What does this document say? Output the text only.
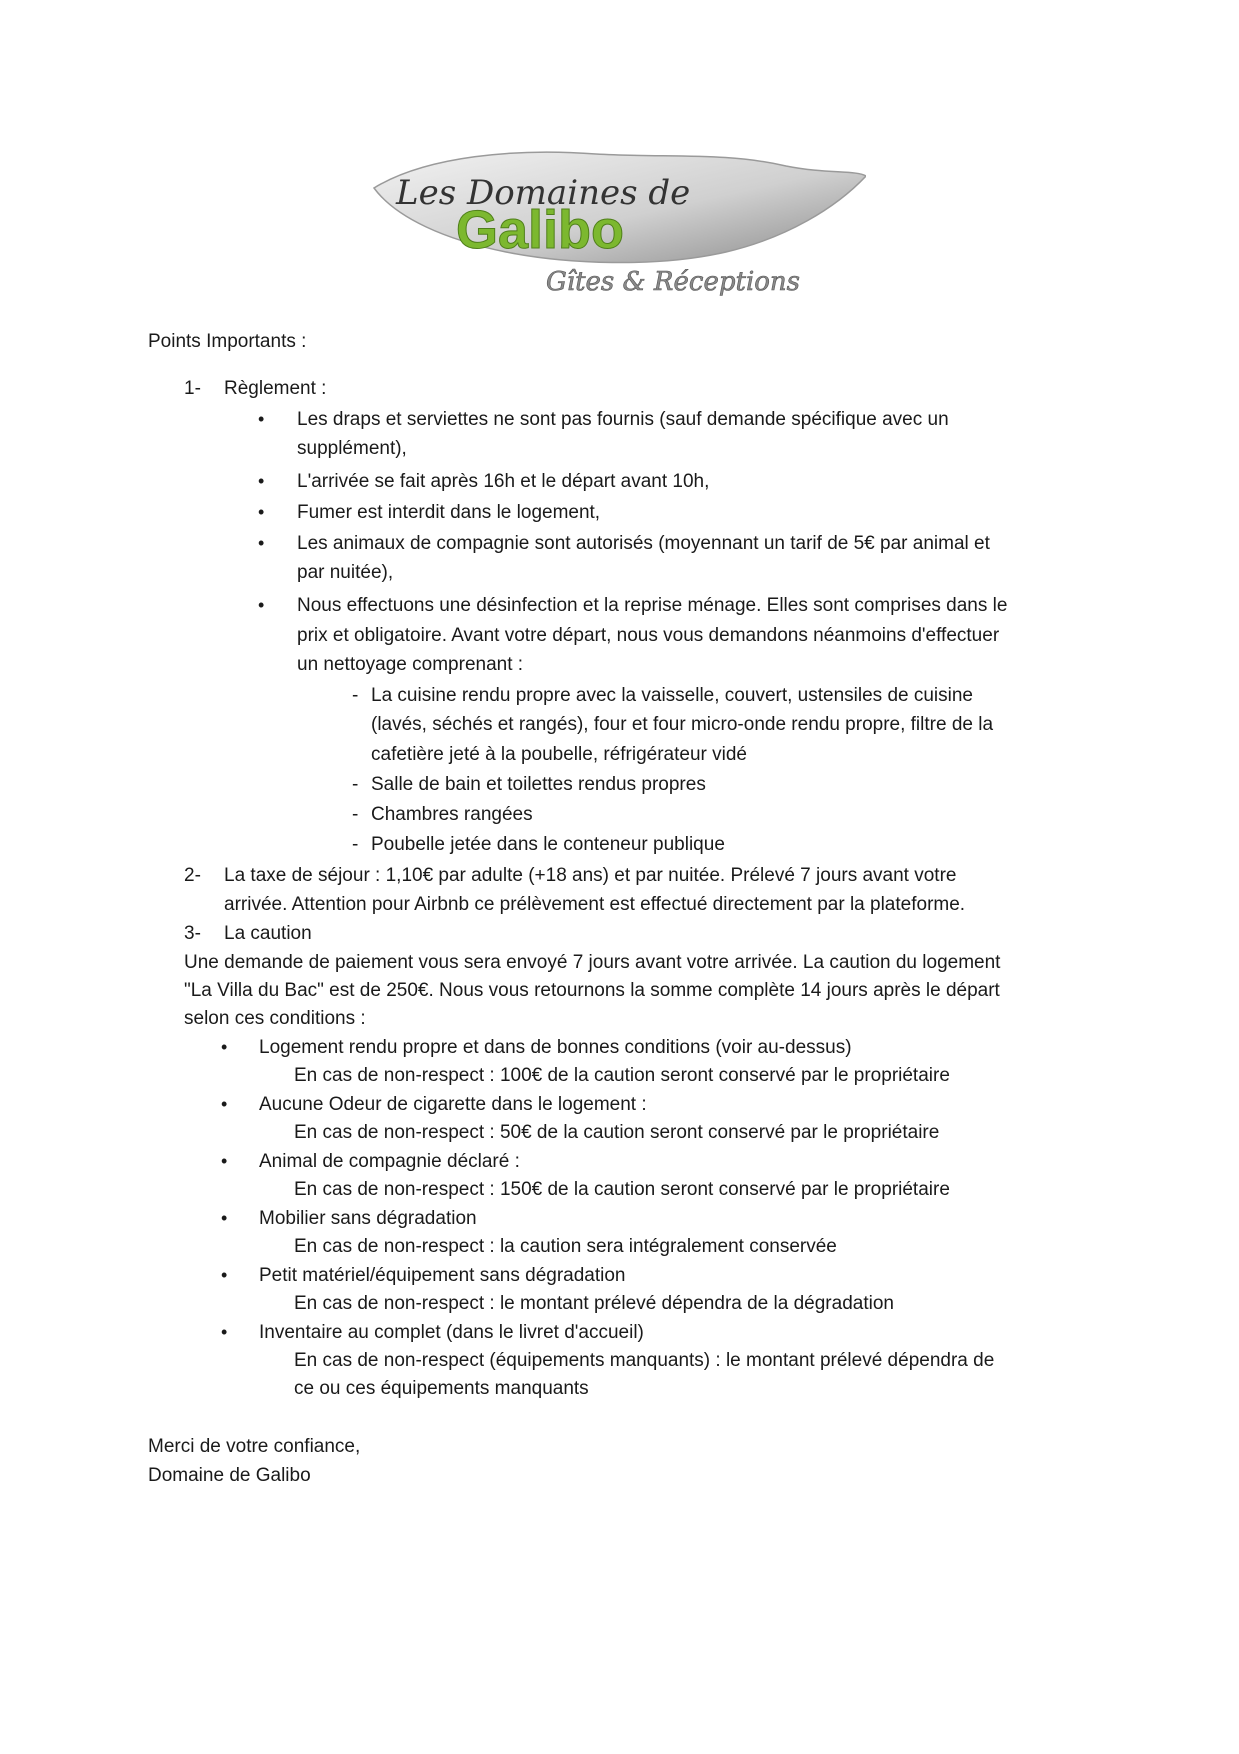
Les Domaines de
Galibo
Gîtes & Réceptions
Points Importants :
1- Règlement :
• Les draps et serviettes ne sont pas fournis (sauf demande spécifique avec un
supplément),
• L'arrivée se fait après 16h et le départ avant 10h,
• Fumer est interdit dans le logement,
• Les animaux de compagnie sont autorisés (moyennant un tarif de 5€ par animal et
par nuitée),
• Nous effectuons une désinfection et la reprise ménage. Elles sont comprises dans le
prix et obligatoire. Avant votre départ, nous vous demandons néanmoins d'effectuer
un nettoyage comprenant :
- La cuisine rendu propre avec la vaisselle, couvert, ustensiles de cuisine
(lavés, séchés et rangés), four et four micro-onde rendu propre, filtre de la
cafetière jeté à la poubelle, réfrigérateur vidé
- Salle de bain et toilettes rendus propres
- Chambres rangées
- Poubelle jetée dans le conteneur publique
2- La taxe de séjour : 1,10€ par adulte (+18 ans) et par nuitée. Prélevé 7 jours avant votre
arrivée. Attention pour Airbnb ce prélèvement est effectué directement par la plateforme.
3- La caution
Une demande de paiement vous sera envoyé 7 jours avant votre arrivée. La caution du logement
"La Villa du Bac" est de 250€. Nous vous retournons la somme complète 14 jours après le départ
selon ces conditions :
• Logement rendu propre et dans de bonnes conditions (voir au-dessus)
En cas de non-respect : 100€ de la caution seront conservé par le propriétaire
• Aucune Odeur de cigarette dans le logement :
En cas de non-respect : 50€ de la caution seront conservé par le propriétaire
• Animal de compagnie déclaré :
En cas de non-respect : 150€ de la caution seront conservé par le propriétaire
• Mobilier sans dégradation
En cas de non-respect : la caution sera intégralement conservée
• Petit matériel/équipement sans dégradation
En cas de non-respect : le montant prélevé dépendra de la dégradation
• Inventaire au complet (dans le livret d'accueil)
En cas de non-respect (équipements manquants) : le montant prélevé dépendra de
ce ou ces équipements manquants
Merci de votre confiance,
Domaine de Galibo
